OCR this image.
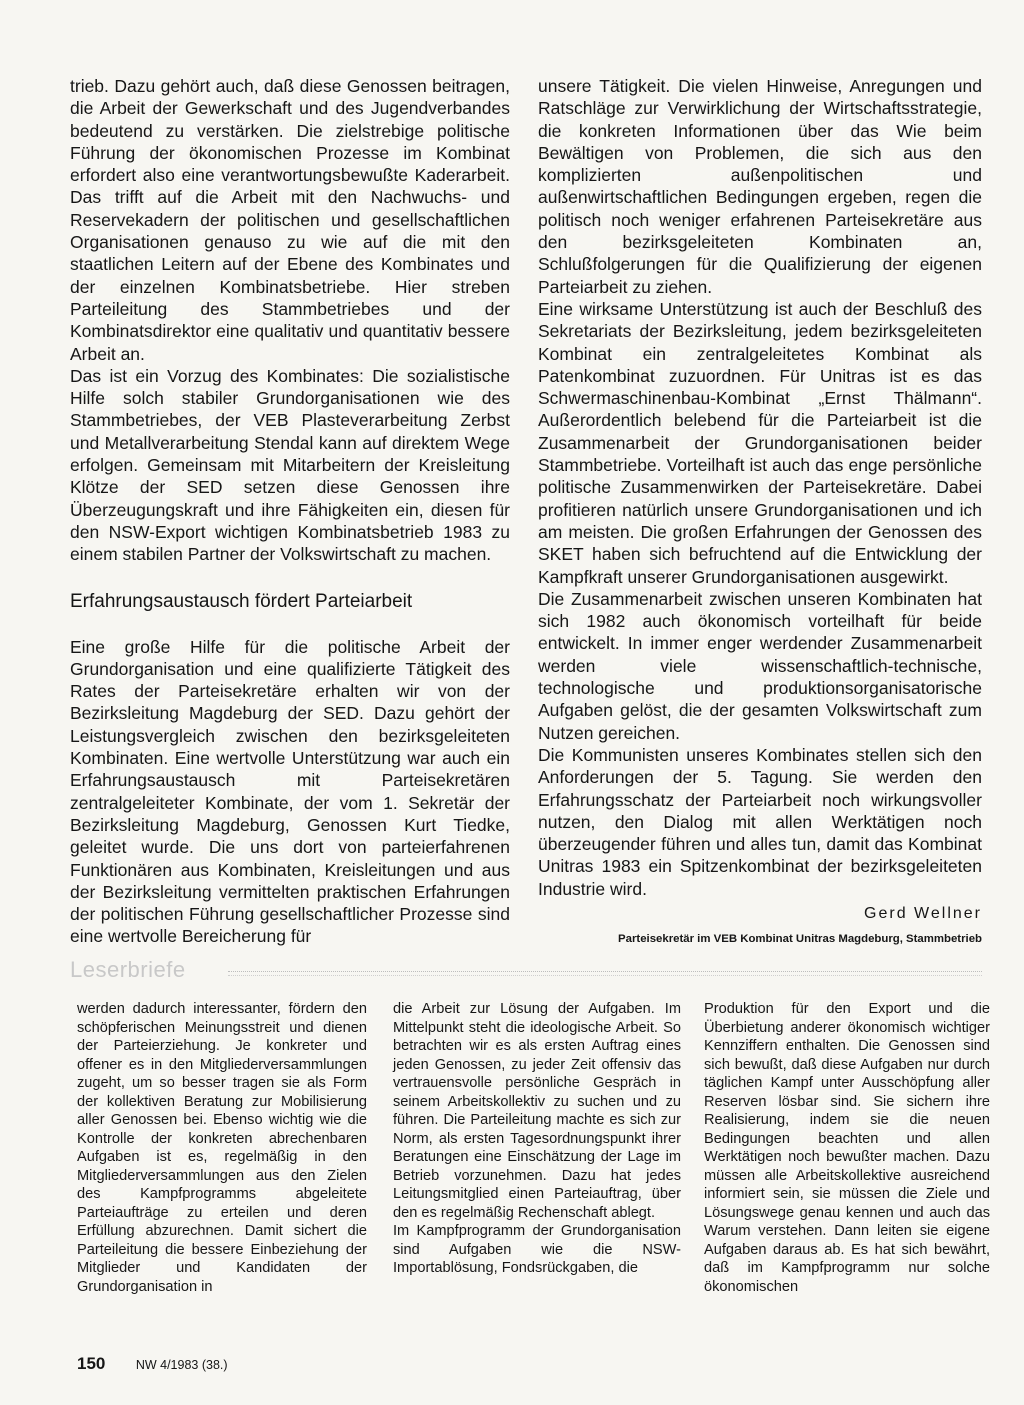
trieb. Dazu gehört auch, daß diese Genossen beitragen, die Arbeit der Gewerkschaft und des Jugendverbandes bedeutend zu verstärken. Die zielstrebige politische Führung der ökonomischen Prozesse im Kombinat erfordert also eine verantwortungsbewußte Kaderarbeit. Das trifft auf die Arbeit mit den Nachwuchs- und Reservekadern der politischen und gesellschaftlichen Organisationen genauso zu wie auf die mit den staatlichen Leitern auf der Ebene des Kombinates und der einzelnen Kombinatsbetriebe. Hier streben Parteileitung des Stammbetriebes und der Kombinatsdirektor eine qualitativ und quantitativ bessere Arbeit an.

Das ist ein Vorzug des Kombinates: Die sozialistische Hilfe solch stabiler Grundorganisationen wie des Stammbetriebes, der VEB Plasteverarbeitung Zerbst und Metallverarbeitung Stendal kann auf direktem Wege erfolgen. Gemeinsam mit Mitarbeitern der Kreisleitung Klötze der SED setzen diese Genossen ihre Überzeugungskraft und ihre Fähigkeiten ein, diesen für den NSW-Export wichtigen Kombinatsbetrieb 1983 zu einem stabilen Partner der Volkswirtschaft zu machen.

Erfahrungsaustausch fördert Parteiarbeit

Eine große Hilfe für die politische Arbeit der Grundorganisation und eine qualifizierte Tätigkeit des Rates der Parteisekretäre erhalten wir von der Bezirksleitung Magdeburg der SED. Dazu gehört der Leistungsvergleich zwischen den bezirksgeleiteten Kombinaten. Eine wertvolle Unterstützung war auch ein Erfahrungsaustausch mit Parteisekretären zentralgeleiteter Kombinate, der vom 1. Sekretär der Bezirksleitung Magdeburg, Genossen Kurt Tiedke, geleitet wurde. Die uns dort von parteierfahrenen Funktionären aus Kombinaten, Kreisleitungen und aus der Bezirksleitung vermittelten praktischen Erfahrungen der politischen Führung gesellschaftlicher Prozesse sind eine wertvolle Bereicherung für

unsere Tätigkeit. Die vielen Hinweise, Anregungen und Ratschläge zur Verwirklichung der Wirtschaftsstrategie, die konkreten Informationen über das Wie beim Bewältigen von Problemen, die sich aus den komplizierten außenpolitischen und außenwirtschaftlichen Bedingungen ergeben, regen die politisch noch weniger erfahrenen Parteisekretäre aus den bezirksgeleiteten Kombinaten an, Schlußfolgerungen für die Qualifizierung der eigenen Parteiarbeit zu ziehen.

Eine wirksame Unterstützung ist auch der Beschluß des Sekretariats der Bezirksleitung, jedem bezirksgeleiteten Kombinat ein zentralgeleitetes Kombinat als Patenkombinat zuzuordnen. Für Unitras ist es das Schwermaschinenbau-Kombinat „Ernst Thälmann“. Außerordentlich belebend für die Parteiarbeit ist die Zusammenarbeit der Grundorganisationen beider Stammbetriebe. Vorteilhaft ist auch das enge persönliche politische Zusammenwirken der Parteisekretäre. Dabei profitieren natürlich unsere Grundorganisationen und ich am meisten. Die großen Erfahrungen der Genossen des SKET haben sich befruchtend auf die Entwicklung der Kampfkraft unserer Grundorganisationen ausgewirkt.

Die Zusammenarbeit zwischen unseren Kombinaten hat sich 1982 auch ökonomisch vorteilhaft für beide entwickelt. In immer enger werdender Zusammenarbeit werden viele wissenschaftlich-technische, technologische und produktionsorganisatorische Aufgaben gelöst, die der gesamten Volkswirtschaft zum Nutzen gereichen.

Die Kommunisten unseres Kombinates stellen sich den Anforderungen der 5. Tagung. Sie werden den Erfahrungsschatz der Parteiarbeit noch wirkungsvoller nutzen, den Dialog mit allen Werktätigen noch überzeugender führen und alles tun, damit das Kombinat Unitras 1983 ein Spitzenkombinat der bezirksgeleiteten Industrie wird.

Gerd Wellner
Parteisekretär im VEB Kombinat Unitras Magdeburg, Stammbetrieb
Leserbriefe

werden dadurch interessanter, fördern den schöpferischen Meinungsstreit und dienen der Parteierziehung. Je konkreter und offener es in den Mitgliederversammlungen zugeht, um so besser tragen sie als Form der kollektiven Beratung zur Mobilisierung aller Genossen bei. Ebenso wichtig wie die Kontrolle der konkreten abrechenbaren Aufgaben ist es, regelmäßig in den Mitgliederversammlungen aus den Zielen des Kampfprogramms abgeleitete Parteiaufträge zu erteilen und deren Erfüllung abzurechnen. Damit sichert die Parteileitung die bessere Einbeziehung der Mitglieder und Kandidaten der Grundorganisation in

die Arbeit zur Lösung der Aufgaben. Im Mittelpunkt steht die ideologische Arbeit. So betrachten wir es als ersten Auftrag eines jeden Genossen, zu jeder Zeit offensiv das vertrauensvolle persönliche Gespräch in seinem Arbeitskollektiv zu suchen und zu führen. Die Parteileitung machte es sich zur Norm, als ersten Tagesordnungspunkt ihrer Beratungen eine Einschätzung der Lage im Betrieb vorzunehmen. Dazu hat jedes Leitungsmitglied einen Parteiauftrag, über den es regelmäßig Rechenschaft ablegt.

Im Kampfprogramm der Grundorganisation sind Aufgaben wie die NSW-Importablösung, Fondsrückgaben, die

Produktion für den Export und die Überbietung anderer ökonomisch wichtiger Kennziffern enthalten. Die Genossen sind sich bewußt, daß diese Aufgaben nur durch täglichen Kampf unter Ausschöpfung aller Reserven lösbar sind. Sie sichern ihre Realisierung, indem sie die neuen Bedingungen beachten und allen Werktätigen noch bewußter machen. Dazu müssen alle Arbeitskollektive ausreichend informiert sein, sie müssen die Ziele und Lösungswege genau kennen und auch das Warum verstehen. Dann leiten sie eigene Aufgaben daraus ab. Es hat sich bewährt, daß im Kampfprogramm nur solche ökonomischen

150 NW 4/1983 (38.)
